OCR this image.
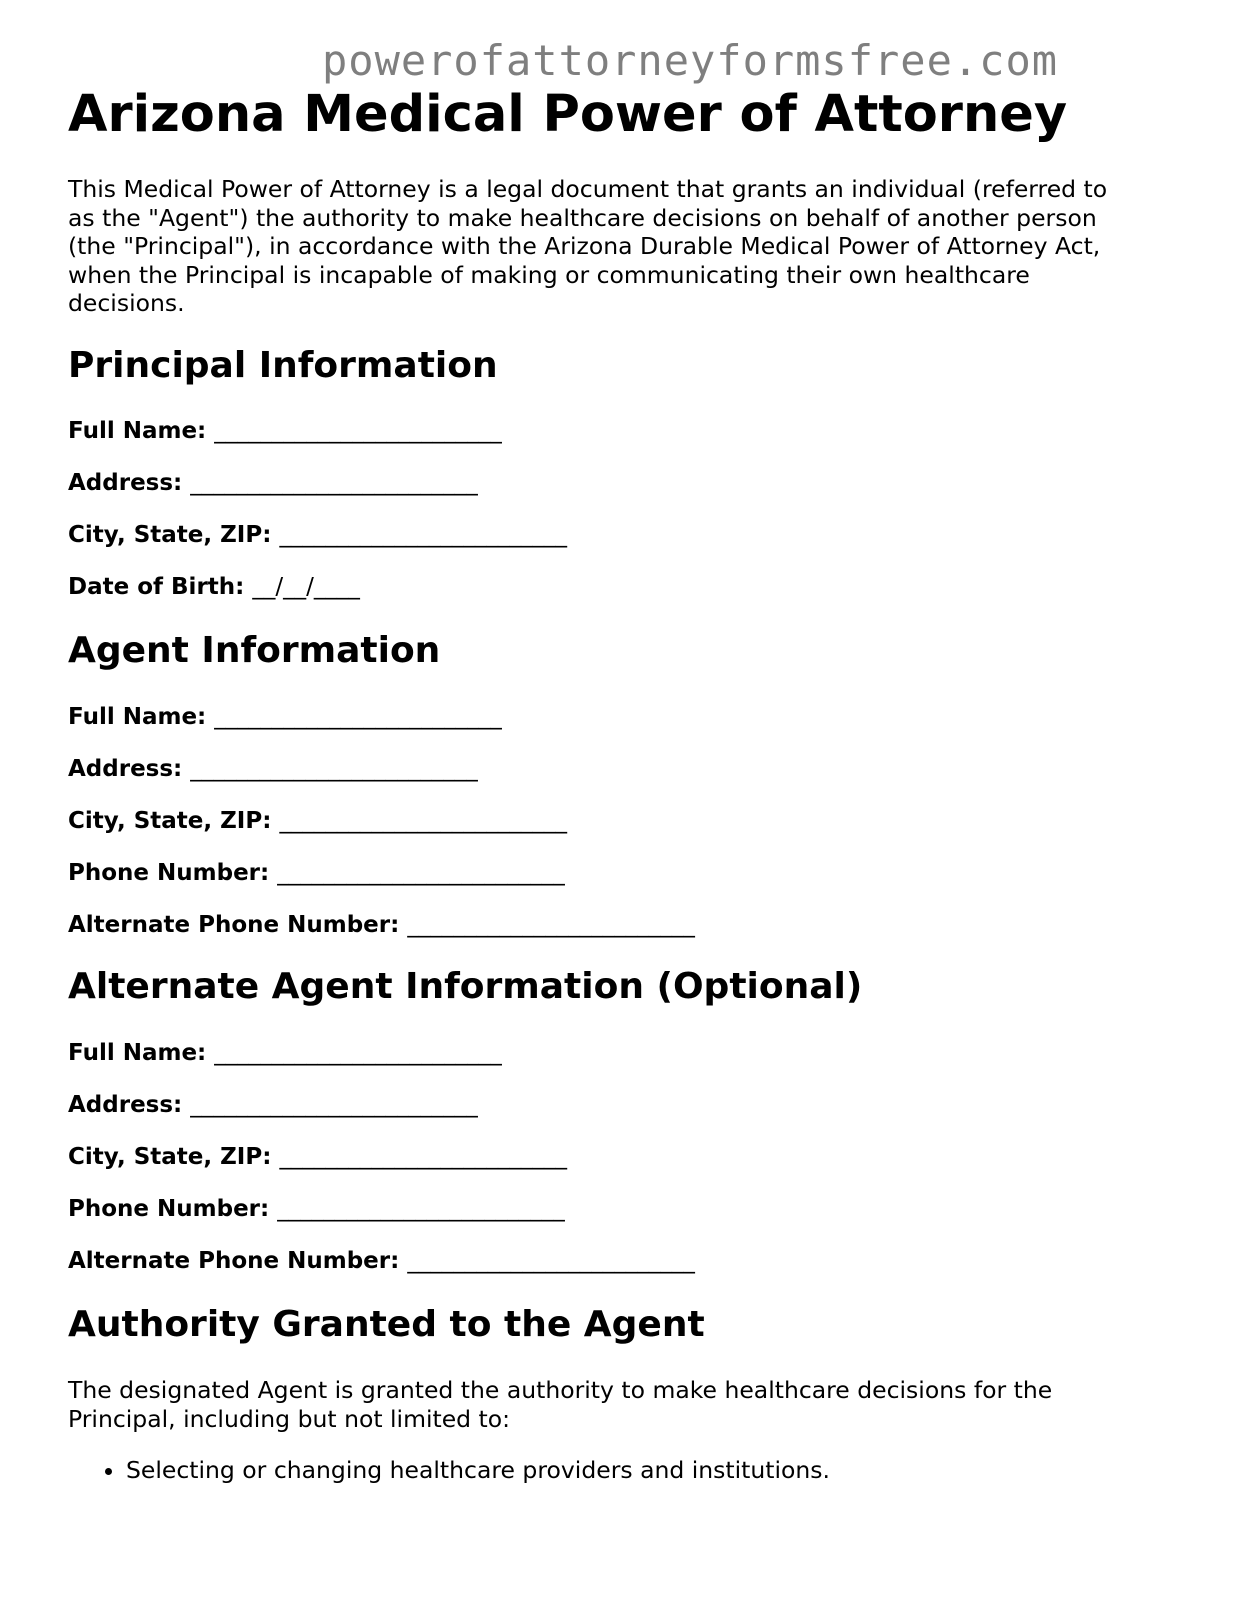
powerofattorneyformsfree.com
Arizona Medical Power of Attorney

This Medical Power of Attorney is a legal document that grants an individual (referred to as the "Agent") the authority to make healthcare decisions on behalf of another person (the "Principal"), in accordance with the Arizona Durable Medical Power of Attorney Act, when the Principal is incapable of making or communicating their own healthcare decisions.

Principal Information
Full Name: _________________________
Address: _________________________
City, State, ZIP: _________________________
Date of Birth: __/__/____
Agent Information
Full Name: _________________________
Address: _________________________
City, State, ZIP: _________________________
Phone Number: _________________________
Alternate Phone Number: _________________________
Alternate Agent Information (Optional)
Full Name: _________________________
Address: _________________________
City, State, ZIP: _________________________
Phone Number: _________________________
Alternate Phone Number: _________________________
Authority Granted to the Agent

The designated Agent is granted the authority to make healthcare decisions for the Principal, including but not limited to:

• Selecting or changing healthcare providers and institutions.
